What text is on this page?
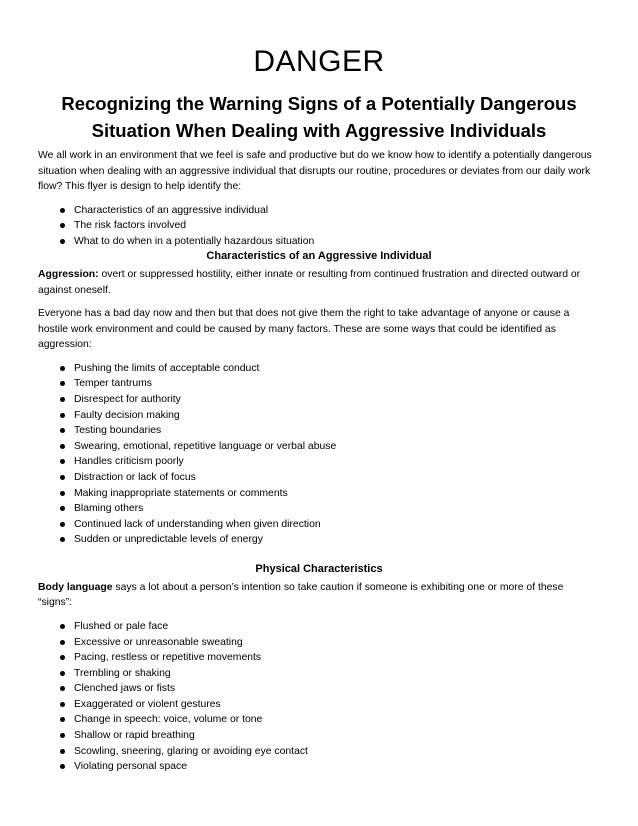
DANGER
Recognizing the Warning Signs of a Potentially Dangerous Situation When Dealing with Aggressive Individuals

We all work in an environment that we feel is safe and productive but do we know how to identify a potentially dangerous situation when dealing with an aggressive individual that disrupts our routine, procedures or deviates from our daily work flow? This flyer is design to help identify the:

Characteristics of an aggressive individual
The risk factors involved
What to do when in a potentially hazardous situation
Characteristics of an Aggressive Individual

Aggression: overt or suppressed hostility, either innate or resulting from continued frustration and directed outward or against oneself.

Everyone has a bad day now and then but that does not give them the right to take advantage of anyone or cause a hostile work environment and could be caused by many factors. These are some ways that could be identified as aggression:

Pushing the limits of acceptable conduct
Temper tantrums
Disrespect for authority
Faulty decision making
Testing boundaries
Swearing, emotional, repetitive language or verbal abuse
Handles criticism poorly
Distraction or lack of focus
Making inappropriate statements or comments
Blaming others
Continued lack of understanding when given direction
Sudden or unpredictable levels of energy
Physical Characteristics

Body language says a lot about a person’s intention so take caution if someone is exhibiting one or more of these “signs”:

Flushed or pale face
Excessive or unreasonable sweating
Pacing, restless or repetitive movements
Trembling or shaking
Clenched jaws or fists
Exaggerated or violent gestures
Change in speech: voice, volume or tone
Shallow or rapid breathing
Scowling, sneering, glaring or avoiding eye contact
Violating personal space
